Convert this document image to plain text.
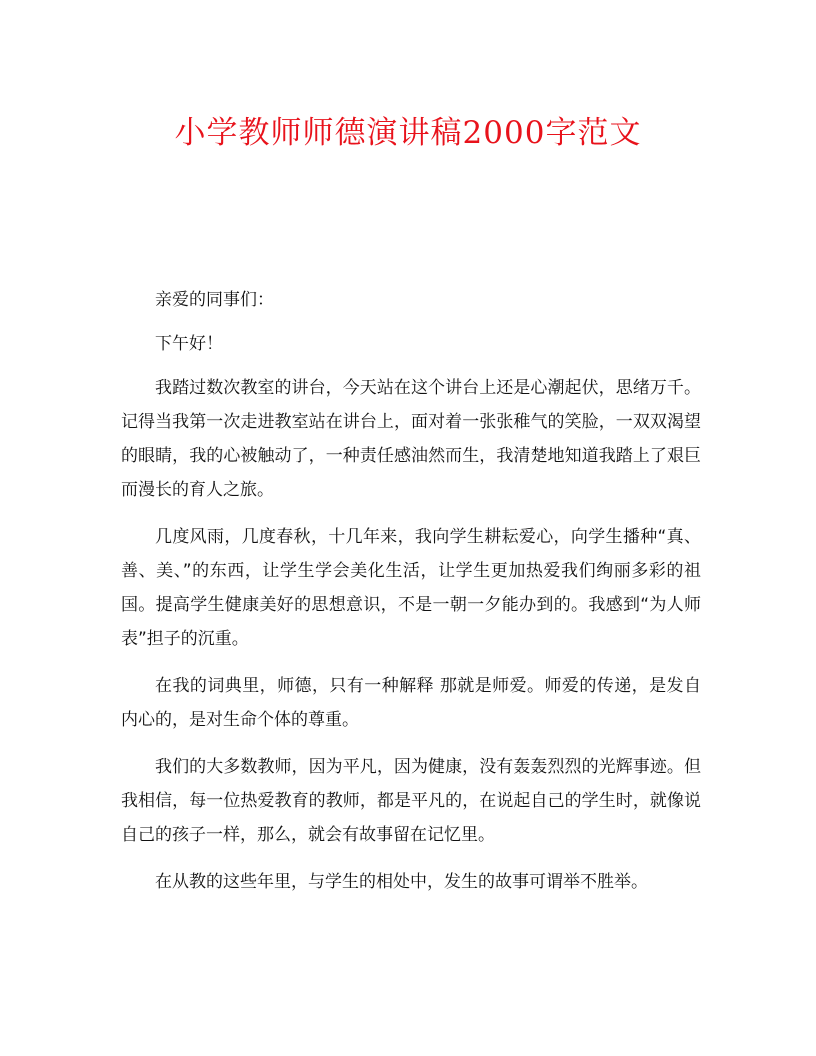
小学教师师德演讲稿2000字范文

亲爱的同事们：

下午好！

我踏过数次教室的讲台，今天站在这个讲台上还是心潮起伏，思绪万千。记得当我第一次走进教室站在讲台上，面对着一张张稚气的笑脸，一双双渴望的眼睛，我的心被触动了，一种责任感油然而生，我清楚地知道我踏上了艰巨而漫长的育人之旅。

几度风雨，几度春秋，十几年来，我向学生耕耘爱心，向学生播种“真、善、美、”的东西，让学生学会美化生活，让学生更加热爱我们绚丽多彩的祖国。提高学生健康美好的思想意识，不是一朝一夕能办到的。我感到“为人师表”担子的沉重。

在我的词典里，师德，只有一种解释 那就是师爱。师爱的传递，是发自内心的，是对生命个体的尊重。

我们的大多数教师，因为平凡，因为健康，没有轰轰烈烈的光辉事迹。但我相信，每一位热爱教育的教师，都是平凡的，在说起自己的学生时，就像说自己的孩子一样，那么，就会有故事留在记忆里。

在从教的这些年里，与学生的相处中，发生的故事可谓举不胜举。
